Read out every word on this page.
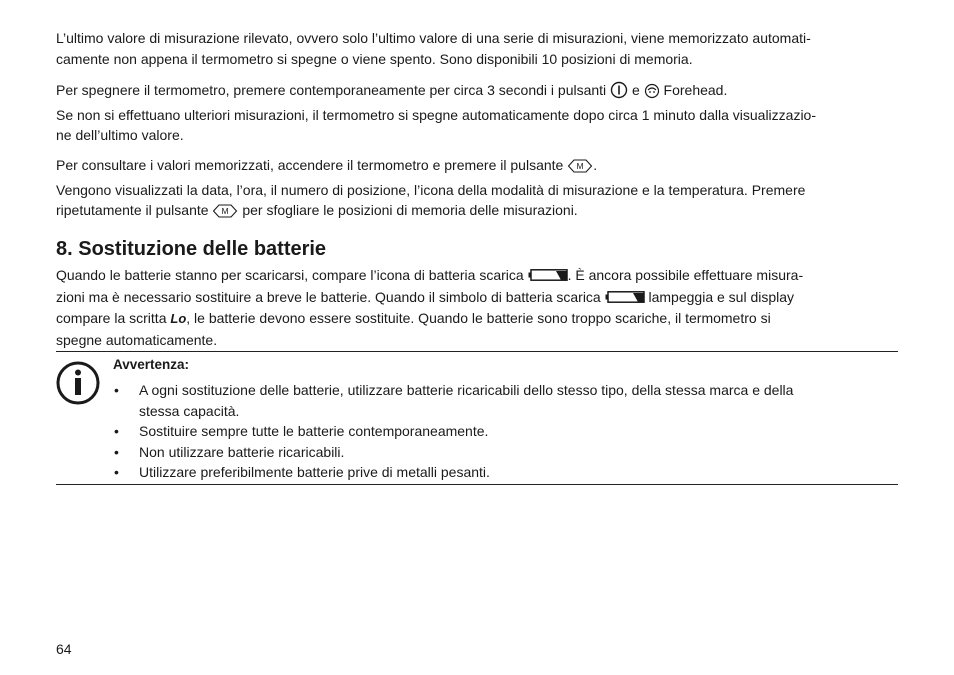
L’ultimo valore di misurazione rilevato, ovvero solo l’ultimo valore di una serie di misurazioni, viene memorizzato automati-
camente non appena il termometro si spegne o viene spento. Sono disponibili 10 posizioni di memoria.
Per spegnere il termometro, premere contemporaneamente per circa 3 secondi i pulsanti e Forehead.
Se non si effettuano ulteriori misurazioni, il termometro si spegne automaticamente dopo circa 1 minuto dalla visualizzazio-
ne dell’ultimo valore.
Per consultare i valori memorizzati, accendere il termometro e premere il pulsante M .
Vengono visualizzati la data, l’ora, il numero di posizione, l’icona della modalità di misurazione e la temperatura. Premere
ripetutamente il pulsante M per sfogliare le posizioni di memoria delle misurazioni.
8. Sostituzione delle batterie
Quando le batterie stanno per scaricarsi, compare l’icona di batteria scarica	. È ancora possibile effettuare misura-
zioni ma è necessario sostituire a breve le batterie. Quando il simbolo di batteria scarica	lampeggia e sul display
compare la scritta Lo, le batterie devono essere sostituite. Quando le batterie sono troppo scariche, il termometro si
spegne automaticamente.
Avvertenza:
• A ogni sostituzione delle batterie, utilizzare batterie ricaricabili dello stesso tipo, della stessa marca e della
stessa capacità.
• Sostituire sempre tutte le batterie contemporaneamente.
• Non utilizzare batterie ricaricabili.
• Utilizzare preferibilmente batterie prive di metalli pesanti.
64
